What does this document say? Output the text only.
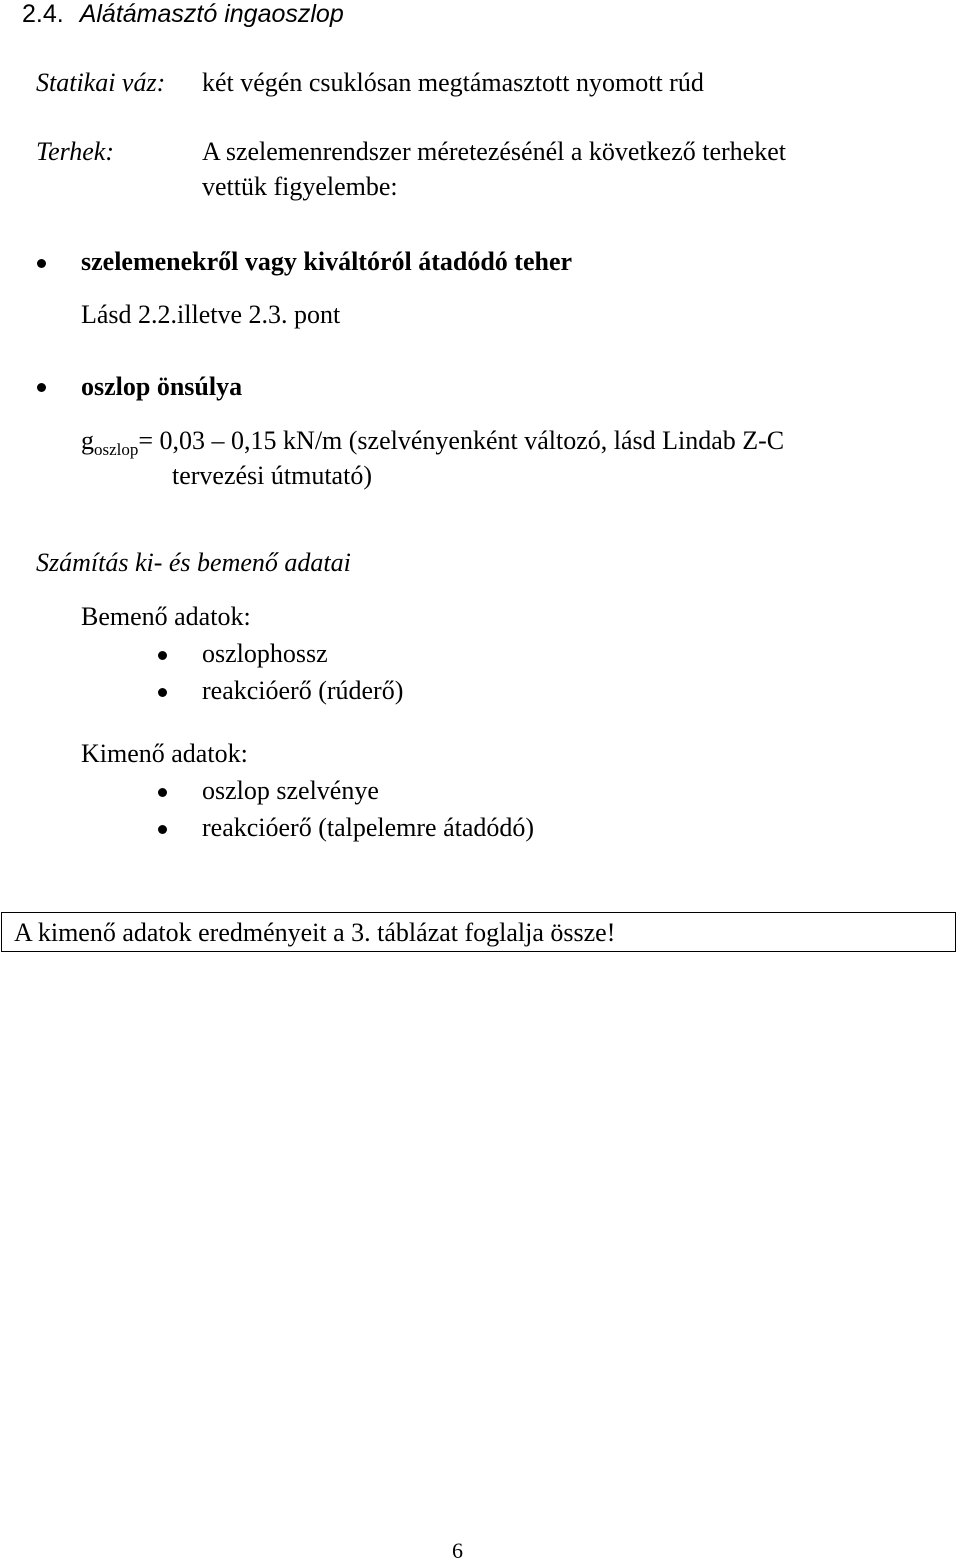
2.4. Alátámasztó ingaoszlop
Statikai váz: két végén csuklósan megtámasztott nyomott rúd
Terhek:	A szelemenrendszer méretezésénél a következő terheket
vettük figyelembe:
szelemenekről vagy kiváltóról átadódó teher
Lásd 2.2.illetve 2.3. pont
oszlop önsúlya
$g_{oszlop}= 0,03 - 0,15$ kN/m (szelvényenként változó, lásd Lindab Z-C
tervezési útmutató)
Számítás ki- és bemenő adatai
Bemenő adatok:
oszlophossz
reakcióerő (rúderő)
Kimenő adatok:
oszlop szelvénye
reakcióerő (talpelemre átadódó)
A kimenő adatok eredményeit a 3. táblázat foglalja össze!
6
